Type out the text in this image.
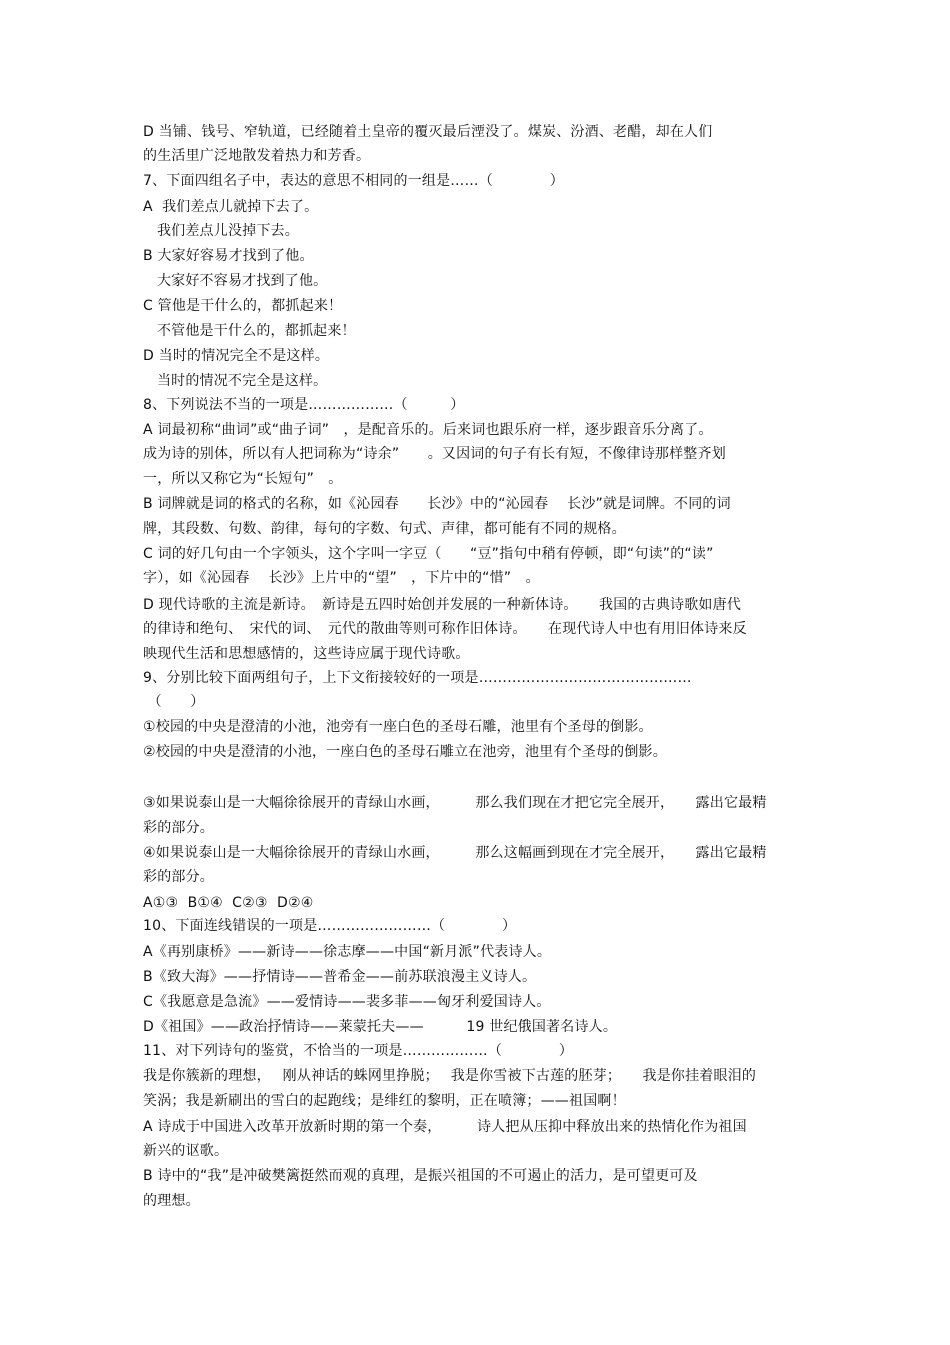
D 当铺、钱号、窄轨道，已经随着土皇帝的覆灭最后湮没了。煤炭、汾酒、老醋，却在人们
的生活里广泛地散发着热力和芳香。
7、下面四组名子中，表达的意思不相同的一组是……（　　　　）
A  我们差点儿就掉下去了。
我们差点儿没掉下去。
B 大家好容易才找到了他。
大家好不容易才找到了他。
C 管他是干什么的，都抓起来！
不管他是干什么的，都抓起来！
D 当时的情况完全不是这样。
当时的情况不完全是这样。
8、下列说法不当的一项是………………（　　　）
A 词最初称“曲词”或“曲子词”　，是配音乐的。后来词也跟乐府一样，逐步跟音乐分离了。
成为诗的别体，所以有人把词称为“诗余”　　。又因词的句子有长有短，不像律诗那样整齐划
一，所以又称它为“长短句”　。
B 词牌就是词的格式的名称，如《沁园春　　长沙》中的“沁园春　 长沙”就是词牌。不同的词
牌，其段数、句数、韵律，每句的字数、句式、声律，都可能有不同的规格。
C 词的好几句由一个字领头，这个字叫一字豆（　　“豆”指句中稍有停顿，即“句读”的“读”
字），如《沁园春　 长沙》上片中的“望”　，下片中的“惜”　。
D 现代诗歌的主流是新诗。　新诗是五四时始创并发展的一种新体诗。　　我国的古典诗歌如唐代
的律诗和绝句、　宋代的词、　元代的散曲等则可称作旧体诗。　　在现代诗人中也有用旧体诗来反
映现代生活和思想感情的，这些诗应属于现代诗歌。
9、分别比较下面两组句子，上下文衔接较好的一项是………………………………………
（　　）
①校园的中央是澄清的小池，池旁有一座白色的圣母石雕，池里有个圣母的倒影。
②校园的中央是澄清的小池，一座白色的圣母石雕立在池旁，池里有个圣母的倒影。
③如果说泰山是一大幅徐徐展开的青绿山水画，　　　那么我们现在才把它完全展开，　　露出它最精
彩的部分。
④如果说泰山是一大幅徐徐展开的青绿山水画，　　　那么这幅画到现在才完全展开，　　露出它最精
彩的部分。
A①③  B①④  C②③  D②④
10、下面连线错误的一项是……………………（　　　　）
A《再别康桥》——新诗——徐志摩——中国“新月派”代表诗人。
B《致大海》——抒情诗——普希金——前苏联浪漫主义诗人。
C《我愿意是急流》——爱情诗——裴多菲——匈牙利爱国诗人。
D《祖国》——政治抒情诗——莱蒙托夫——　　　19 世纪俄国著名诗人。
11、对下列诗句的鉴赏，不恰当的一项是………………（　　　　）
我是你簇新的理想，　 刚从神话的蛛网里挣脱；　 我是你雪被下古莲的胚芽；　　我是你挂着眼泪的
笑涡；我是新刷出的雪白的起跑线；是绯红的黎明，正在喷簿；——祖国啊！
A 诗成于中国进入改革开放新时期的第一个奏，　　　诗人把从压抑中释放出来的热情化作为祖国
新兴的讴歌。
B 诗中的“我”是冲破樊篱挺然而观的真理，是振兴祖国的不可遏止的活力，是可望更可及
的理想。
